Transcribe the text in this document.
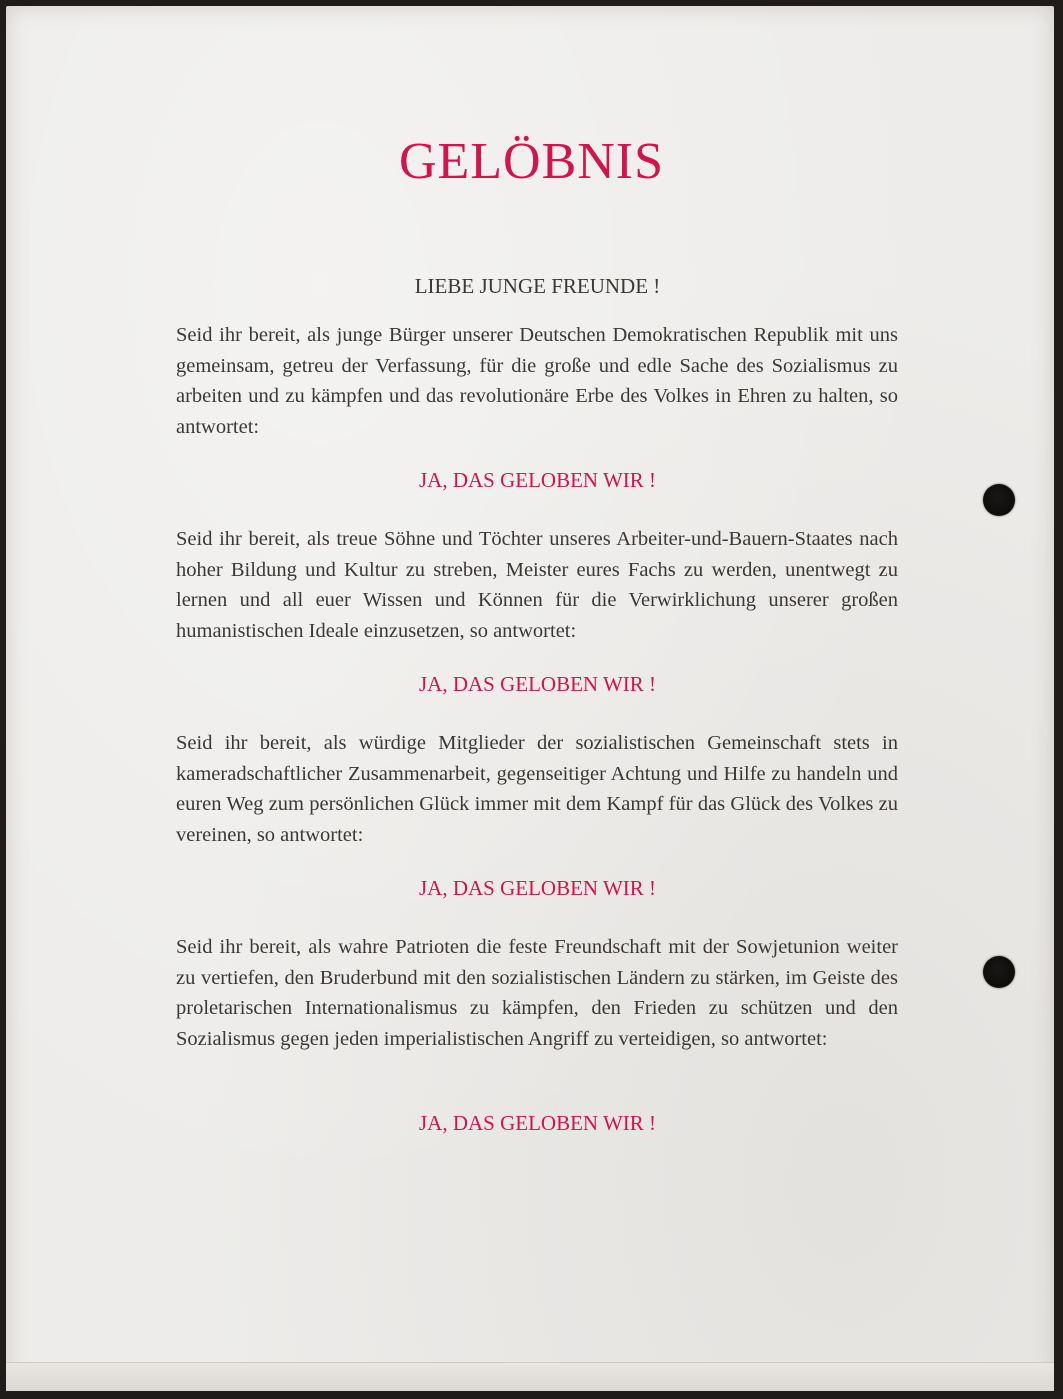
GELÖBNIS

LIEBE JUNGE FREUNDE !

Seid ihr bereit, als junge Bürger unserer Deutschen Demokratischen Republik mit uns gemeinsam, getreu der Verfassung, für die große und edle Sache des Sozialismus zu arbeiten und zu kämpfen und das revolutionäre Erbe des Volkes in Ehren zu halten, so antwortet:

JA, DAS GELOBEN WIR !

Seid ihr bereit, als treue Söhne und Töchter unseres Arbeiter-und-Bauern-Staates nach hoher Bildung und Kultur zu streben, Meister eures Fachs zu werden, unentwegt zu lernen und all euer Wissen und Können für die Verwirklichung unserer großen humanistischen Ideale einzusetzen, so antwortet:

JA, DAS GELOBEN WIR !

Seid ihr bereit, als würdige Mitglieder der sozialistischen Gemeinschaft stets in kameradschaftlicher Zusammenarbeit, gegenseitiger Achtung und Hilfe zu handeln und euren Weg zum persönlichen Glück immer mit dem Kampf für das Glück des Volkes zu vereinen, so antwortet:

JA, DAS GELOBEN WIR !

Seid ihr bereit, als wahre Patrioten die feste Freundschaft mit der Sowjetunion weiter zu vertiefen, den Bruderbund mit den sozialistischen Ländern zu stärken, im Geiste des proletarischen Internationalismus zu kämpfen, den Frieden zu schützen und den Sozialismus gegen jeden imperialistischen Angriff zu verteidigen, so antwortet:

JA, DAS GELOBEN WIR !
